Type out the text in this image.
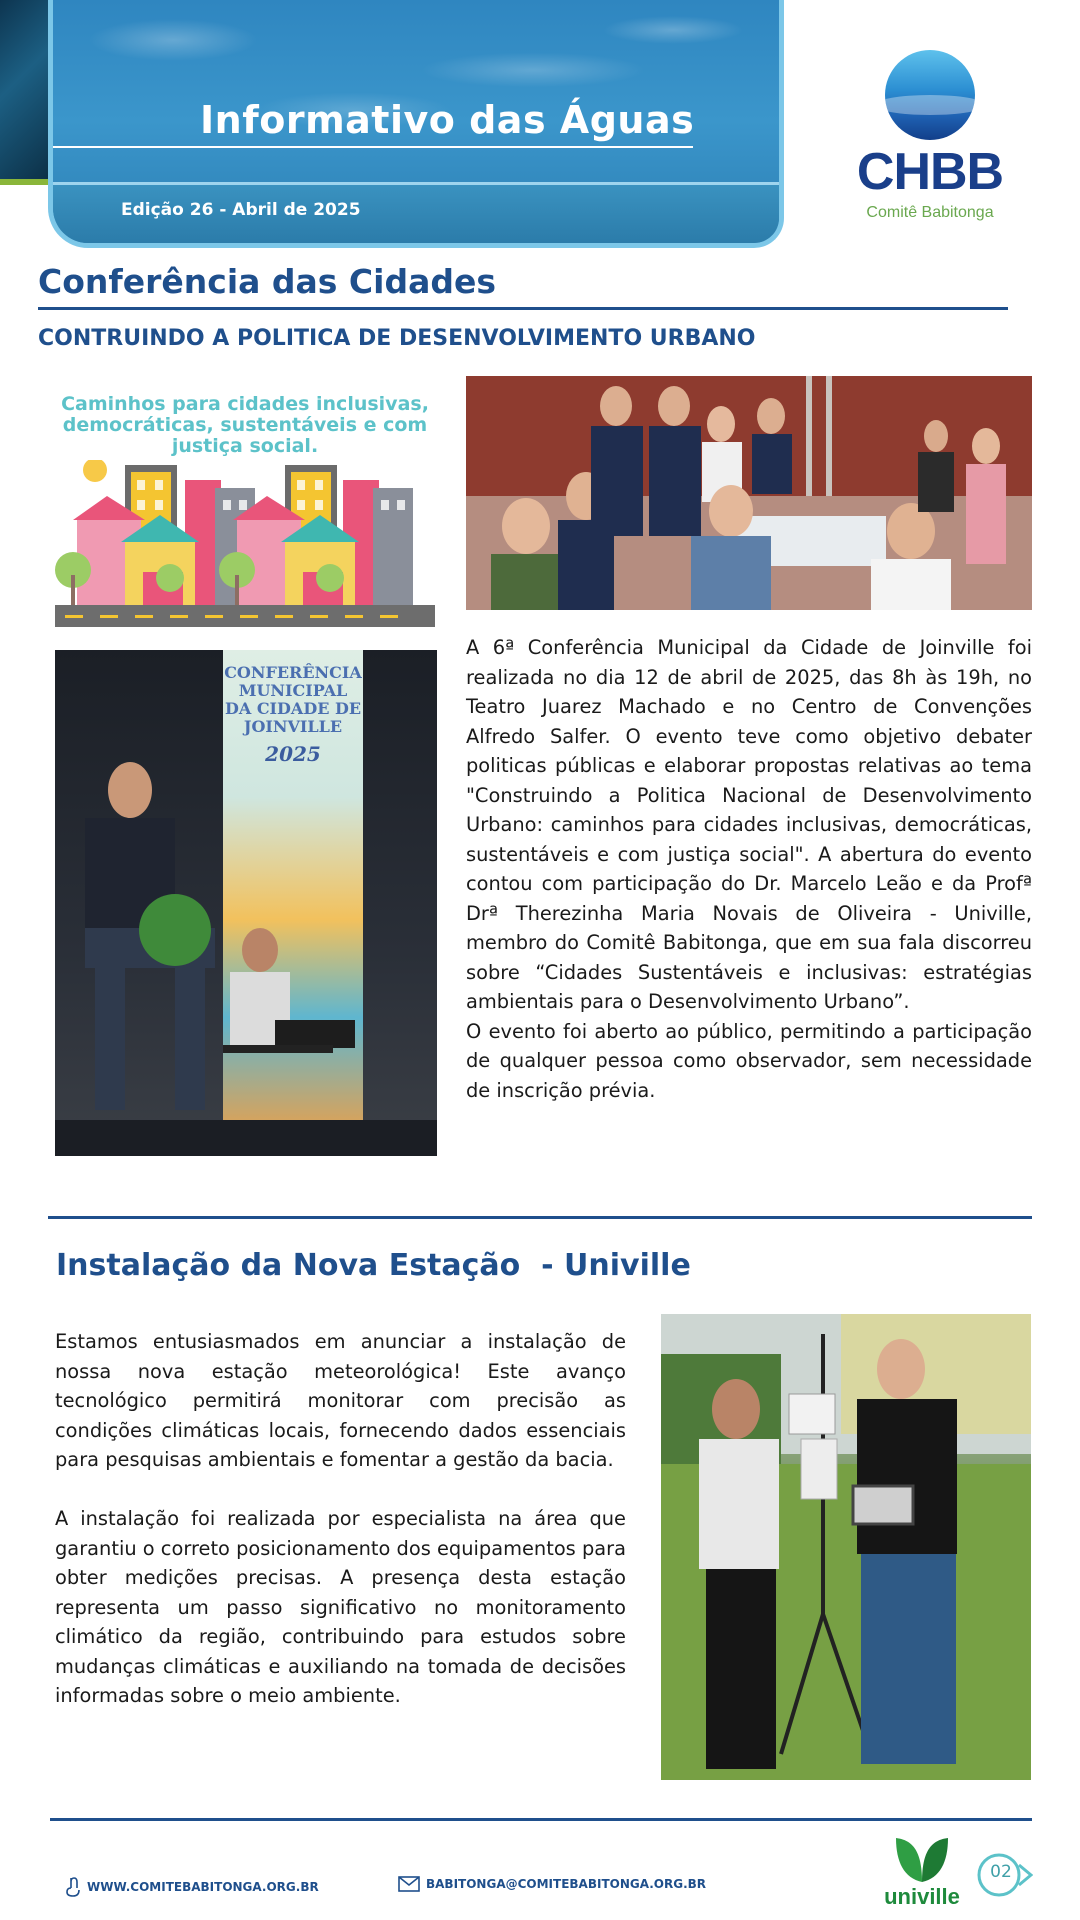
Informativo das Águas
Edição 26 - Abril de 2025
CHBB
Comitê Babitonga
Conferência das Cidades
CONTRUINDO A POLITICA DE DESENVOLVIMENTO URBANO
Caminhos para cidades inclusivas, democráticas, sustentáveis e com justiça social.
CONFERÊNCIA MUNICIPAL DA CIDADE DE JOINVILLE
2025

A 6ª Conferência Municipal da Cidade de Joinville foi realizada no dia 12 de abril de 2025, das 8h às 19h, no Teatro Juarez Machado e no Centro de Convenções Alfredo Salfer. O evento teve como objetivo debater politicas públicas e elaborar propostas relativas ao tema "Construindo a Politica Nacional de Desenvolvimento Urbano: caminhos para cidades inclusivas, democráticas, sustentáveis e com justiça social". A abertura do evento contou com participação do Dr. Marcelo Leão e da Profª Drª Therezinha Maria Novais de Oliveira - Univille, membro do Comitê Babitonga, que em sua fala discorreu sobre “Cidades Sustentáveis e inclusivas: estratégias ambientais para o Desenvolvimento Urbano”.

O evento foi aberto ao público, permitindo a participação de qualquer pessoa como observador, sem necessidade de inscrição prévia.

Instalação da Nova Estação  - Univille

Estamos entusiasmados em anunciar a instalação de nossa nova estação meteorológica! Este avanço tecnológico permitirá monitorar com precisão as condições climáticas locais, fornecendo dados essenciais para pesquisas ambientais e fomentar a gestão da bacia.

A instalação foi realizada por especialista na área que garantiu o correto posicionamento dos equipamentos para obter medições precisas. A presença desta estação representa um passo significativo no monitoramento climático da região, contribuindo para estudos sobre mudanças climáticas e auxiliando na tomada de decisões informadas sobre o meio ambiente.

WWW.COMITEBABITONGA.ORG.BR	BABITONGA@COMITEBABITONGA.ORG.BR	univille
02
